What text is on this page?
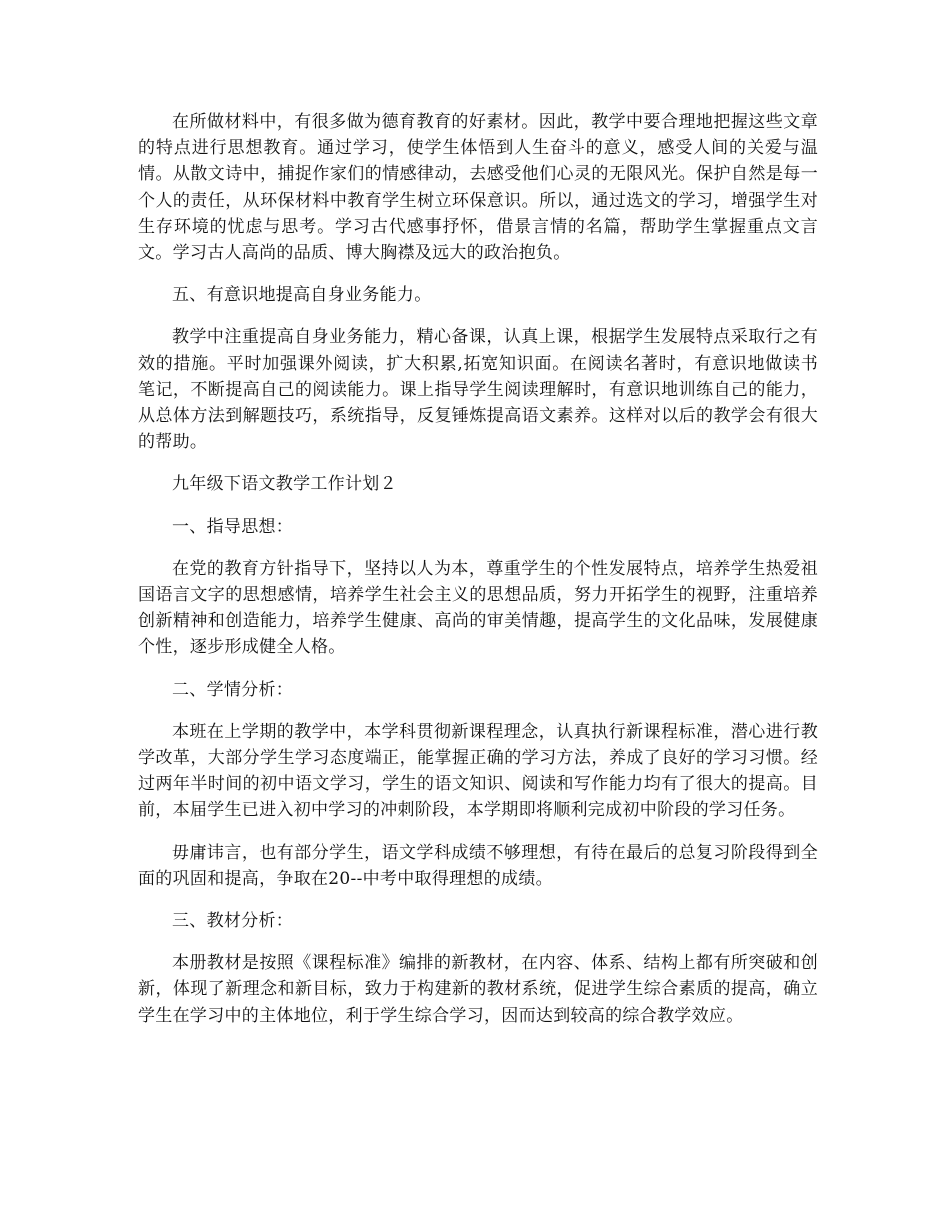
在所做材料中，有很多做为德育教育的好素材。因此，教学中要合理地把握这些文章的特点进行思想教育。通过学习，使学生体悟到人生奋斗的意义，感受人间的关爱与温情。从散文诗中，捕捉作家们的情感律动，去感受他们心灵的无限风光。保护自然是每一个人的责任，从环保材料中教育学生树立环保意识。所以，通过选文的学习，增强学生对生存环境的忧虑与思考。学习古代感事抒怀，借景言情的名篇，帮助学生掌握重点文言文。学习古人高尚的品质、博大胸襟及远大的政治抱负。

五、有意识地提高自身业务能力。

教学中注重提高自身业务能力，精心备课，认真上课，根据学生发展特点采取行之有效的措施。平时加强课外阅读，扩大积累,拓宽知识面。在阅读名著时，有意识地做读书笔记，不断提高自己的阅读能力。课上指导学生阅读理解时，有意识地训练自己的能力，从总体方法到解题技巧，系统指导，反复锤炼提高语文素养。这样对以后的教学会有很大的帮助。

九年级下语文教学工作计划２

一、指导思想：

在党的教育方针指导下，坚持以人为本，尊重学生的个性发展特点，培养学生热爱祖国语言文字的思想感情，培养学生社会主义的思想品质，努力开拓学生的视野，注重培养创新精神和创造能力，培养学生健康、高尚的审美情趣，提高学生的文化品味，发展健康个性，逐步形成健全人格。

二、学情分析：

本班在上学期的教学中，本学科贯彻新课程理念，认真执行新课程标准，潜心进行教学改革，大部分学生学习态度端正，能掌握正确的学习方法，养成了良好的学习习惯。经过两年半时间的初中语文学习，学生的语文知识、阅读和写作能力均有了很大的提高。目前，本届学生已进入初中学习的冲刺阶段，本学期即将顺利完成初中阶段的学习任务。

毋庸讳言，也有部分学生，语文学科成绩不够理想，有待在最后的总复习阶段得到全面的巩固和提高，争取在20--中考中取得理想的成绩。

三、教材分析：

本册教材是按照《课程标准》编排的新教材，在内容、体系、结构上都有所突破和创新，体现了新理念和新目标，致力于构建新的教材系统，促进学生综合素质的提高，确立学生在学习中的主体地位，利于学生综合学习，因而达到较高的综合教学效应。
